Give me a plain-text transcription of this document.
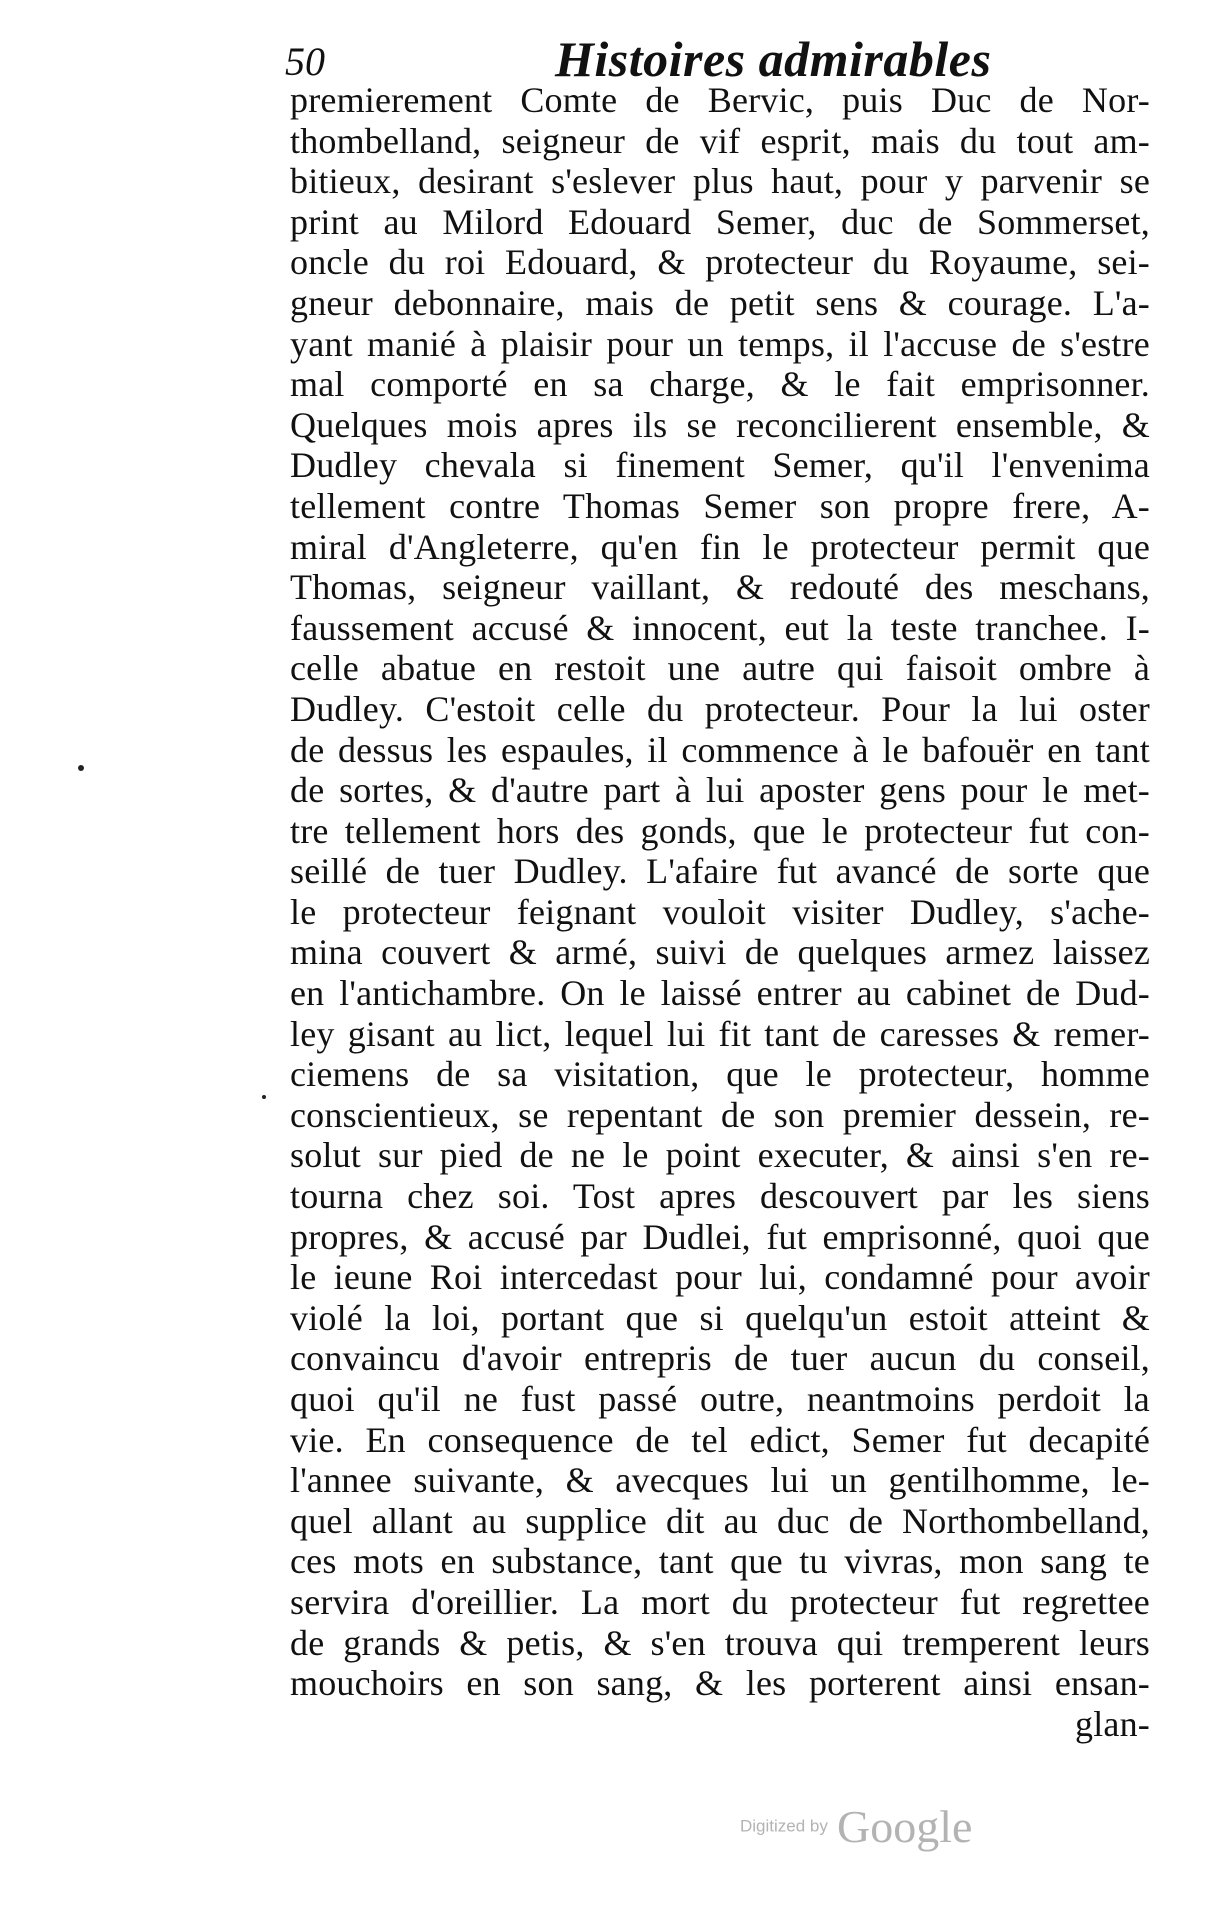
50	Histoires admirables
premierement Comte de Bervic, puis Duc de Nor-
thombelland, seigneur de vif esprit, mais du tout am-
bitieux, desirant s'eslever plus haut, pour y parvenir se
print au Milord Edouard Semer, duc de Sommerset,
oncle du roi Edouard, & protecteur du Royaume, sei-
gneur debonnaire, mais de petit sens & courage. L'a-
yant manié à plaisir pour un temps, il l'accuse de s'estre
mal comporté en sa charge, & le fait emprisonner.
Quelques mois apres ils se reconcilierent ensemble, &
Dudley chevala si finement Semer, qu'il l'envenima
tellement contre Thomas Semer son propre frere, A-
miral d'Angleterre, qu'en fin le protecteur permit que
Thomas, seigneur vaillant, & redouté des meschans,
faussement accusé & innocent, eut la teste tranchee. I-
celle abatue en restoit une autre qui faisoit ombre à
Dudley. C'estoit celle du protecteur. Pour la lui oster
de dessus les espaules, il commence à le bafouër en tant
de sortes, & d'autre part à lui aposter gens pour le met-
tre tellement hors des gonds, que le protecteur fut con-
seillé de tuer Dudley. L'afaire fut avancé de sorte que
le protecteur feignant vouloit visiter Dudley, s'ache-
mina couvert & armé, suivi de quelques armez laissez
en l'antichambre. On le laissé entrer au cabinet de Dud-
ley gisant au lict, lequel lui fit tant de caresses & remer-
ciemens de sa visitation, que le protecteur, homme
conscientieux, se repentant de son premier dessein, re-
solut sur pied de ne le point executer, & ainsi s'en re-
tourna chez soi. Tost apres descouvert par les siens
propres, & accusé par Dudlei, fut emprisonné, quoi que
le ieune Roi intercedast pour lui, condamné pour avoir
violé la loi, portant que si quelqu'un estoit atteint &
convaincu d'avoir entrepris de tuer aucun du conseil,
quoi qu'il ne fust passé outre, neantmoins perdoit la
vie. En consequence de tel edict, Semer fut decapité
l'annee suivante, & avecques lui un gentilhomme, le-
quel allant au supplice dit au duc de Northombelland,
ces mots en substance, tant que tu vivras, mon sang te
servira d'oreillier. La mort du protecteur fut regrettee
de grands & petis, & s'en trouva qui tremperent leurs
mouchoirs en son sang, & les porterent ainsi ensan-
glan-
Digitized by Google
